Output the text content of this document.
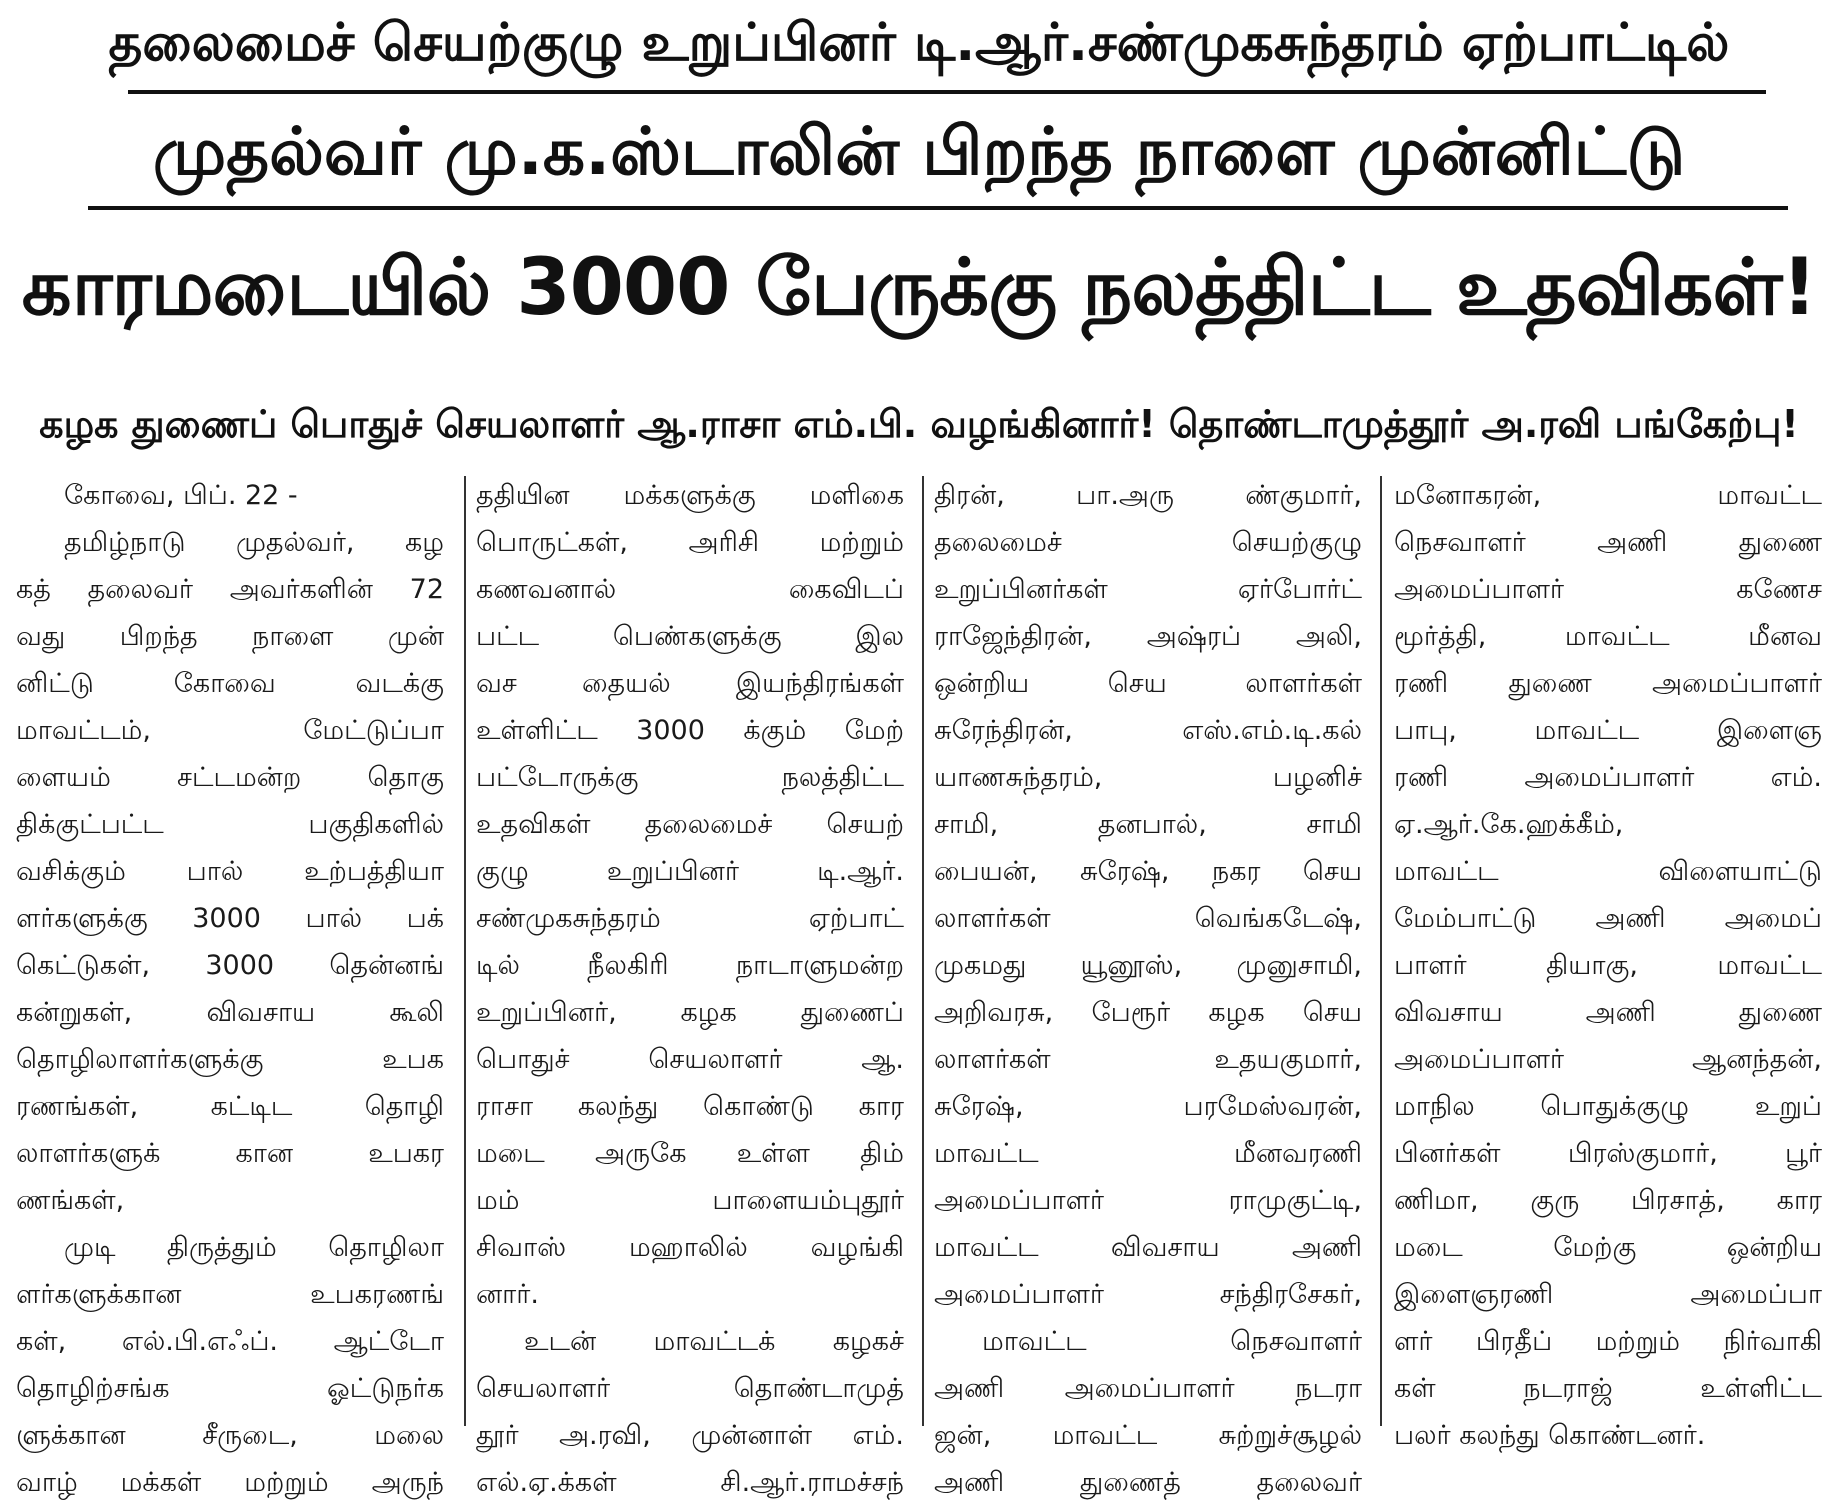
தலைமைச் செயற்குழு உறுப்பினர் டி.ஆர்.சண்முகசுந்தரம் ஏற்பாட்டில்
முதல்வர் மு.க.ஸ்டாலின் பிறந்த நாளை முன்னிட்டு
காரமடையில் 3000 பேருக்கு நலத்திட்ட உதவிகள்!
கழக துணைப் பொதுச் செயலாளர் ஆ.ராசா எம்.பி. வழங்கினார்! தொண்டாமுத்தூர் அ.ரவி பங்கேற்பு!
கோவை, பிப். 22 -
தமிழ்நாடு முதல்வர், கழ
கத் தலைவர் அவர்களின் 72
வது பிறந்த நாளை முன்
னிட்டு கோவை வடக்கு
மாவட்டம், மேட்டுப்பா
ளையம் சட்டமன்ற தொகு
திக்குட்பட்ட பகுதிகளில்
வசிக்கும் பால் உற்பத்தியா
ளர்களுக்கு 3000 பால் பக்
கெட்டுகள், 3000 தென்னங்
கன்றுகள், விவசாய கூலி
தொழிலாளர்களுக்கு உபக
ரணங்கள், கட்டிட தொழி
லாளர்களுக் கான உபகர
ணங்கள்,
முடி திருத்தும் தொழிலா
ளர்களுக்கான உபகரணங்
கள், எல்.பி.எஃப். ஆட்டோ
தொழிற்சங்க ஓட்டுநர்க
ளுக்கான சீருடை, மலை
வாழ் மக்கள் மற்றும் அருந்
ததியின மக்களுக்கு மளிகை
பொருட்கள், அரிசி மற்றும்
கணவனால் கைவிடப்
பட்ட பெண்களுக்கு இல
வச தையல் இயந்திரங்கள்
உள்ளிட்ட 3000 க்கும் மேற்
பட்டோருக்கு நலத்திட்ட
உதவிகள் தலைமைச் செயற்
குழு உறுப்பினர் டி.ஆர்.
சண்முகசுந்தரம் ஏற்பாட்
டில் நீலகிரி நாடாளுமன்ற
உறுப்பினர், கழக துணைப்
பொதுச் செயலாளர் ஆ.
ராசா கலந்து கொண்டு கார
மடை அருகே உள்ள திம்
மம் பாளையம்புதூர்
சிவாஸ் மஹாலில் வழங்கி
னார்.
உடன் மாவட்டக் கழகச்
செயலாளர் தொண்டாமுத்
தூர் அ.ரவி, முன்னாள் எம்.
எல்.ஏ.க்கள் சி.ஆர்.ராமச்சந்
திரன், பா.அரு ண்குமார்,
தலைமைச் செயற்குழு
உறுப்பினர்கள் ஏர்போர்ட்
ராஜேந்திரன், அஷ்ரப் அலி,
ஒன்றிய செய லாளர்கள்
சுரேந்திரன், எஸ்.எம்.டி.கல்
யாணசுந்தரம், பழனிச்
சாமி, தனபால், சாமி
பையன், சுரேஷ், நகர செய
லாளர்கள் வெங்கடேஷ்,
முகமது யூனூஸ், முனுசாமி,
அறிவரசு, பேரூர் கழக செய
லாளர்கள் உதயகுமார்,
சுரேஷ், பரமேஸ்வரன்,
மாவட்ட மீனவரணி
அமைப்பாளர் ராமுகுட்டி,
மாவட்ட விவசாய அணி
அமைப்பாளர் சந்திரசேகர்,
மாவட்ட நெசவாளர்
அணி அமைப்பாளர் நடரா
ஜன், மாவட்ட சுற்றுச்சூழல்
அணி துணைத் தலைவர்
மனோகரன், மாவட்ட
நெசவாளர் அணி துணை
அமைப்பாளர் கணேச
மூர்த்தி, மாவட்ட மீனவ
ரணி துணை அமைப்பாளர்
பாபு, மாவட்ட இளைஞ
ரணி அமைப்பாளர் எம்.
ஏ.ஆர்.கே.ஹக்கீம்,
மாவட்ட விளையாட்டு
மேம்பாட்டு அணி அமைப்
பாளர் தியாகு, மாவட்ட
விவசாய அணி துணை
அமைப்பாளர் ஆனந்தன்,
மாநில பொதுக்குழு உறுப்
பினர்கள் பிரஸ்குமார், பூர்
ணிமா, குரு பிரசாத், கார
மடை மேற்கு ஒன்றிய
இளைஞரணி அமைப்பா
ளர் பிரதீப் மற்றும் நிர்வாகி
கள் நடராஜ் உள்ளிட்ட
பலர் கலந்து கொண்டனர்.
